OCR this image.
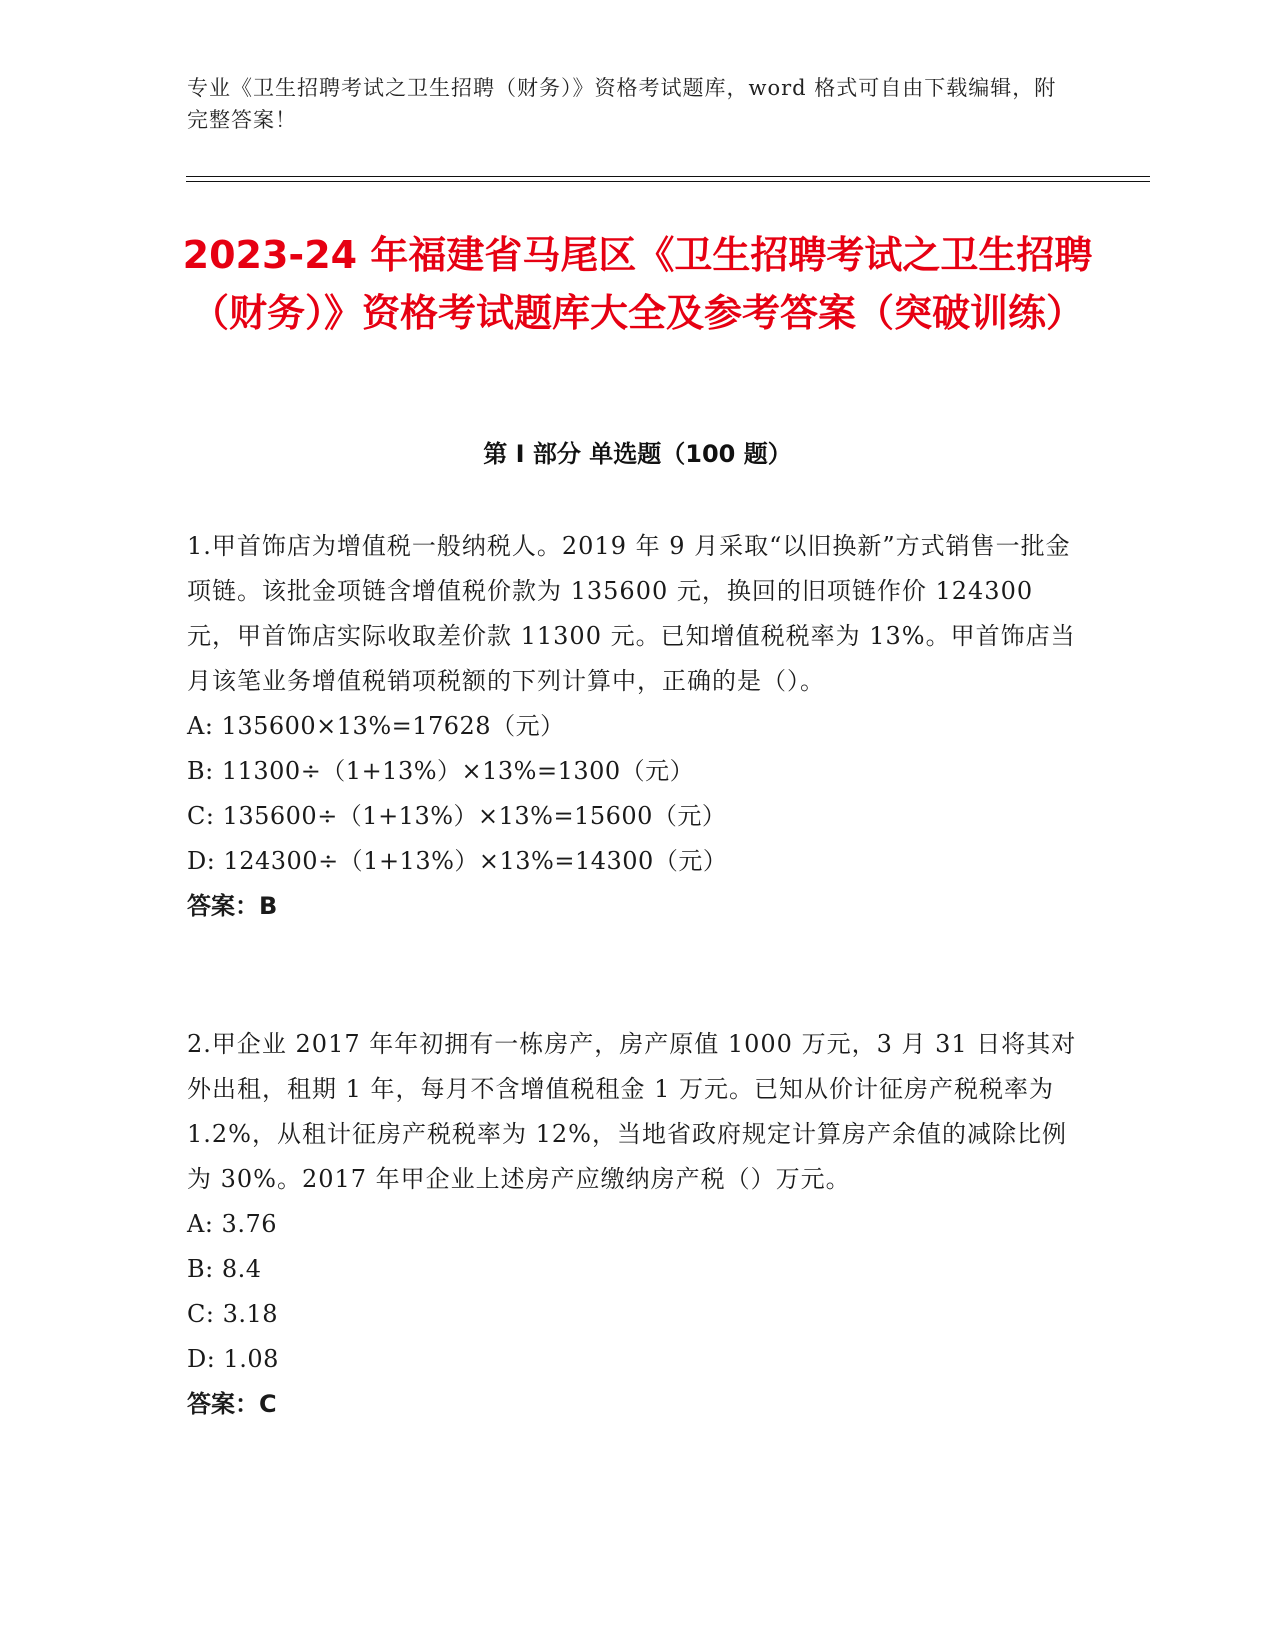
专业《卫生招聘考试之卫生招聘（财务）》资格考试题库，word 格式可自由下载编辑，附完整答案！
2023-24 年福建省马尾区《卫生招聘考试之卫生招聘（财务）》资格考试题库大全及参考答案（突破训练）
第 I 部分 单选题（100 题）

1.甲首饰店为增值税一般纳税人。2019 年 9 月采取“以旧换新”方式销售一批金项链。该批金项链含增值税价款为 135600 元，换回的旧项链作价 124300 元，甲首饰店实际收取差价款 11300 元。已知增值税税率为 13%。甲首饰店当月该笔业务增值税销项税额的下列计算中，正确的是（）。

A: 135600×13%=17628（元）

B: 11300÷（1+13%）×13%=1300（元）

C: 135600÷（1+13%）×13%=15600（元）

D: 124300÷（1+13%）×13%=14300（元）

答案：B

2.甲企业 2017 年年初拥有一栋房产，房产原值 1000 万元，3 月 31 日将其对外出租，租期 1 年，每月不含增值税租金 1 万元。已知从价计征房产税税率为 1.2%，从租计征房产税税率为 12%，当地省政府规定计算房产余值的减除比例为 30%。2017 年甲企业上述房产应缴纳房产税（）万元。

A: 3.76

B: 8.4

C: 3.18

D: 1.08

答案：C
